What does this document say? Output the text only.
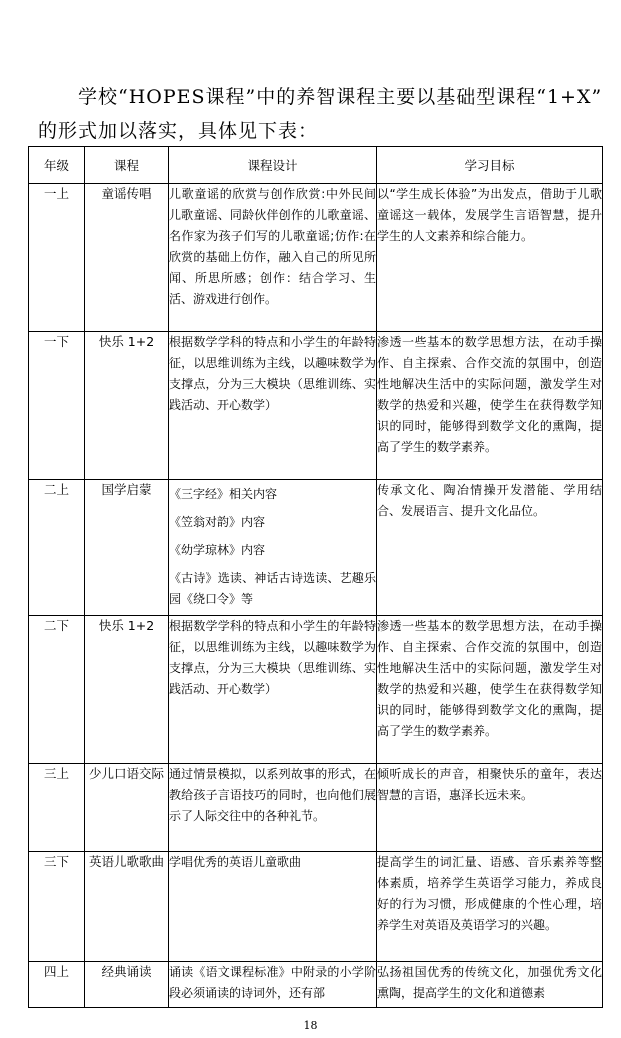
学校“HOPES课程”中的养智课程主要以基础型课程“1+X”
的形式加以落实，具体见下表：
年级	课程	课程设计	学习目标
一上	童谣传唱	儿歌童谣的欣赏与创作欣赏:中外民间儿歌童谣、同龄伙伴创作的儿歌童谣、名作家为孩子们写的儿歌童谣;仿作:在欣赏的基础上仿作，融入自己的所见所闻、所思所感；创作：结合学习、生活、游戏进行创作。	以“学生成长体验”为出发点，借助于儿歌童谣这一载体，发展学生言语智慧，提升学生的人文素养和综合能力。
一下	快乐 1+2	根据数学学科的特点和小学生的年龄特征，以思维训练为主线，以趣味数学为支撑点，分为三大模块（思维训练、实践活动、开心数学）	渗透一些基本的数学思想方法，在动手操作、自主探索、合作交流的氛围中，创造性地解决生活中的实际问题，激发学生对数学的热爱和兴趣，使学生在获得数学知识的同时，能够得到数学文化的熏陶，提高了学生的数学素养。
二上	国学启蒙	《三字经》相关内容
《笠翁对韵》内容
《幼学琼林》内容
《古诗》选读、神话古诗选读、艺趣乐园《绕口令》等	传承文化、陶冶情操开发潜能、学用结合、发展语言、提升文化品位。
二下	快乐 1+2	根据数学学科的特点和小学生的年龄特征，以思维训练为主线，以趣味数学为支撑点，分为三大模块（思维训练、实践活动、开心数学）	渗透一些基本的数学思想方法，在动手操作、自主探索、合作交流的氛围中，创造性地解决生活中的实际问题，激发学生对数学的热爱和兴趣，使学生在获得数学知识的同时，能够得到数学文化的熏陶，提高了学生的数学素养。
三上	少儿口语交际	通过情景模拟，以系列故事的形式，在教给孩子言语技巧的同时，也向他们展示了人际交往中的各种礼节。	倾听成长的声音，相聚快乐的童年，表达智慧的言语，惠泽长远未来。
三下	英语儿歌歌曲	学唱优秀的英语儿童歌曲	提高学生的词汇量、语感、音乐素养等整体素质，培养学生英语学习能力，养成良好的行为习惯，形成健康的个性心理，培养学生对英语及英语学习的兴趣。
四上	经典诵读	诵读《语文课程标准》中附录的小学阶段必须诵读的诗词外，还有部	弘扬祖国优秀的传统文化，加强优秀文化熏陶，提高学生的文化和道德素
18
